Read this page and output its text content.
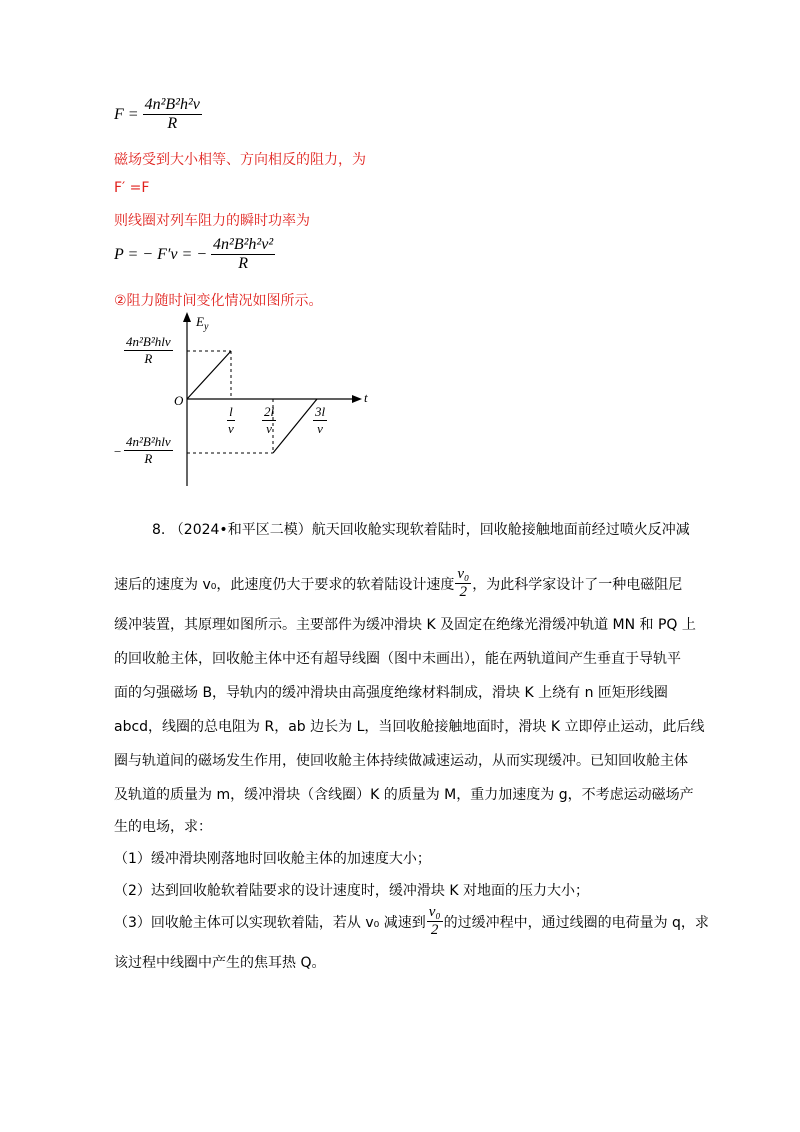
$F = \frac{\text{4n²B²h²v}}{R}$
磁场受到大小相等、方向相反的阻力，为
F′ =F
则线圈对列车阻力的瞬时功率为
P = − F′v = − $\frac{\text{4n²B²h²v²}}{R}$
②阻力随时间变化情况如图所示。
$E_y$
t
O
4n²B²hlv
R
−
4n²B²hlv
R
$\frac{l}{v} \frac{2l}{v}$	$\frac{3l}{v}$
8. （2024•和平区二模）航天回收舱实现软着陆时，回收舱接触地面前经过喷火反冲减
速后的速度为 v₀，此速度仍大于要求的软着陆设计速度 $\frac{\text{v₀}}{2}$ ，为此科学家设计了一种电磁阻尼
缓冲装置，其原理如图所示。主要部件为缓冲滑块 K 及固定在绝缘光滑缓冲轨道 MN 和 PQ 上
的回收舱主体，回收舱主体中还有超导线圈（图中未画出），能在两轨道间产生垂直于导轨平
面的匀强磁场 B，导轨内的缓冲滑块由高强度绝缘材料制成，滑块 K 上绕有 n 匝矩形线圈
abcd，线圈的总电阻为 R，ab 边长为 L，当回收舱接触地面时，滑块 K 立即停止运动，此后线
圈与轨道间的磁场发生作用，使回收舱主体持续做减速运动，从而实现缓冲。已知回收舱主体
及轨道的质量为 m，缓冲滑块（含线圈）K 的质量为 M，重力加速度为 g，不考虑运动磁场产
生的电场，求：
（1）缓冲滑块刚落地时回收舱主体的加速度大小；
（2）达到回收舱软着陆要求的设计速度时，缓冲滑块 K 对地面的压力大小；
（3）回收舱主体可以实现软着陆，若从 v₀ 减速到 $\frac{\text{v₀}}{2}$ 的过缓冲程中，通过线圈的电荷量为 q，求
该过程中线圈中产生的焦耳热 Q。
